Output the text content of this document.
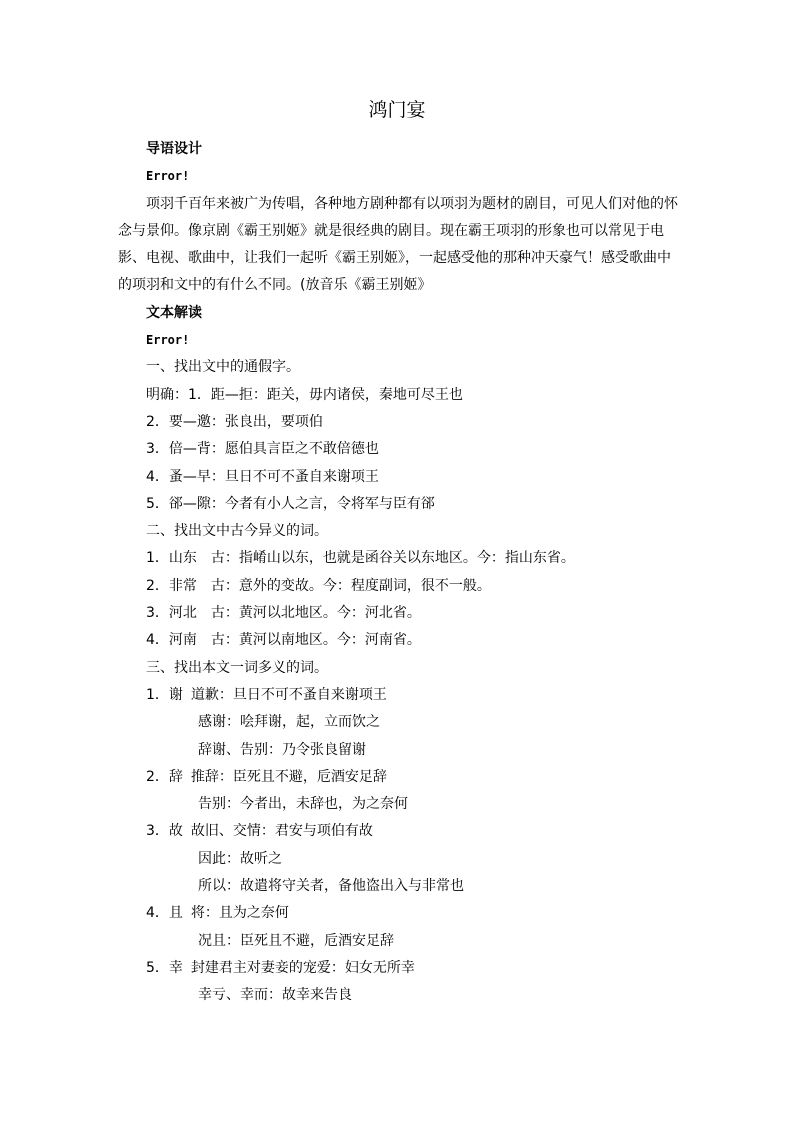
鸿门宴
导语设计
Error!
项羽千百年来被广为传唱，各种地方剧种都有以项羽为题材的剧目，可见人们对他的怀念与景仰。像京剧《霸王别姬》就是很经典的剧目。现在霸王项羽的形象也可以常见于电影、电视、歌曲中，让我们一起听《霸王别姬》，一起感受他的那种冲天豪气！感受歌曲中的项羽和文中的有什么不同。(放音乐《霸王别姬》
文本解读
Error!
一、找出文中的通假字。
明确：1．距—拒：距关，毋内诸侯，秦地可尽王也
2．要—邀：张良出，要项伯
3．倍—背：愿伯具言臣之不敢倍德也
4．蚤—早：旦日不可不蚤自来谢项王
5．郤—隙：今者有小人之言，令将军与臣有郤
二、找出文中古今异义的词。
1．山东 古：指崤山以东，也就是函谷关以东地区。今：指山东省。
2．非常 古：意外的变故。今：程度副词，很不一般。
3．河北 古：黄河以北地区。今：河北省。
4．河南 古：黄河以南地区。今：河南省。
三、找出本文一词多义的词。
1．谢 道歉：旦日不可不蚤自来谢项王
感谢：哙拜谢，起，立而饮之
辞谢、告别：乃令张良留谢
2．辞 推辞：臣死且不避，卮酒安足辞
告别：今者出，未辞也，为之奈何
3．故 故旧、交情：君安与项伯有故
因此：故听之
所以：故遣将守关者，备他盗出入与非常也
4．且 将：且为之奈何
况且：臣死且不避，卮酒安足辞
5．幸 封建君主对妻妾的宠爱：妇女无所幸
幸亏、幸而：故幸来告良
